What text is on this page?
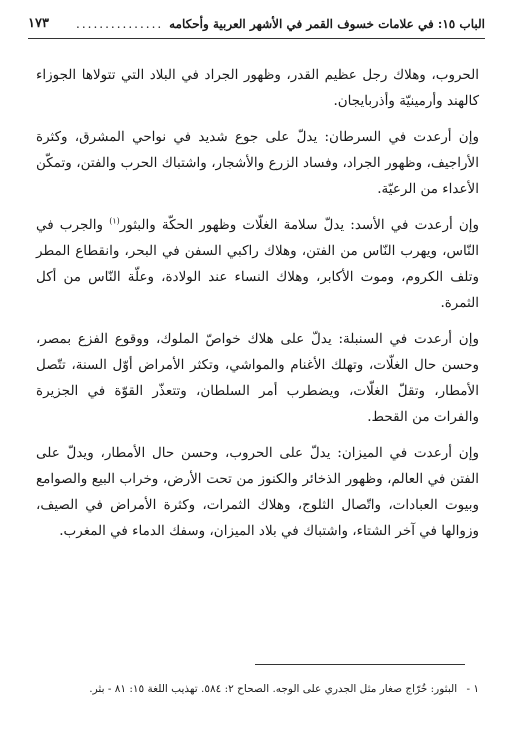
الباب ١٥: في علامات خسوف القمر في الأشهر العربية وأحكامه
...............
١٧٣

الحروب، وهلاك رجل عظيم القدر، وظهور الجراد في البلاد التي تتولاها الجوزاء كالهند وأرمينيّة وأذربايجان.

وإن أرعدت في السرطان: يدلّ على جوع شديد في نواحي المشرق، وكثرة الأراجيف، وظهور الجراد، وفساد الزرع والأشجار، واشتباك الحرب والفتن، وتمكّن الأعداء من الرعيّة.

وإن أرعدت في الأسد: يدلّ سلامة الغلّات وظهور الحكّة والبثور$^{(١)}$ والجرب في النّاس، ويهرب النّاس من الفتن، وهلاك راكبي السفن في البحر، وانقطاع المطر وتلف الكروم، وموت الأكابر، وهلاك النساء عند الولادة، وعلّة النّاس من أكل الثمرة.

وإن أرعدت في السنبلة: يدلّ على هلاك خواصّ الملوك، ووقوع الفزع بمصر، وحسن حال الغلّات، وتهلك الأغنام والمواشي، وتكثر الأمراض أوّل السنة، تتّصل الأمطار، وتقلّ الغلّات، ويضطرب أمر السلطان، وتتعذّر القوّة في الجزيرة والفرات من القحط.

وإن أرعدت في الميزان: يدلّ على الحروب، وحسن حال الأمطار، ويدلّ على الفتن في العالم، وظهور الذخائر والكنوز من تحت الأرض، وخراب البيع والصوامع وبيوت العبادات، واتّصال الثلوج، وهلاك الثمرات، وكثرة الأمراض في الصيف، وزوالها في آخر الشتاء، واشتباك في بلاد الميزان، وسفك الدماء في المغرب.

١ - البثور: خُرّاج صغار مثل الجدري على الوجه. الصحاح ٢: ٥٨٤. تهذيب اللغة ١٥: ٨١ - بثر.
